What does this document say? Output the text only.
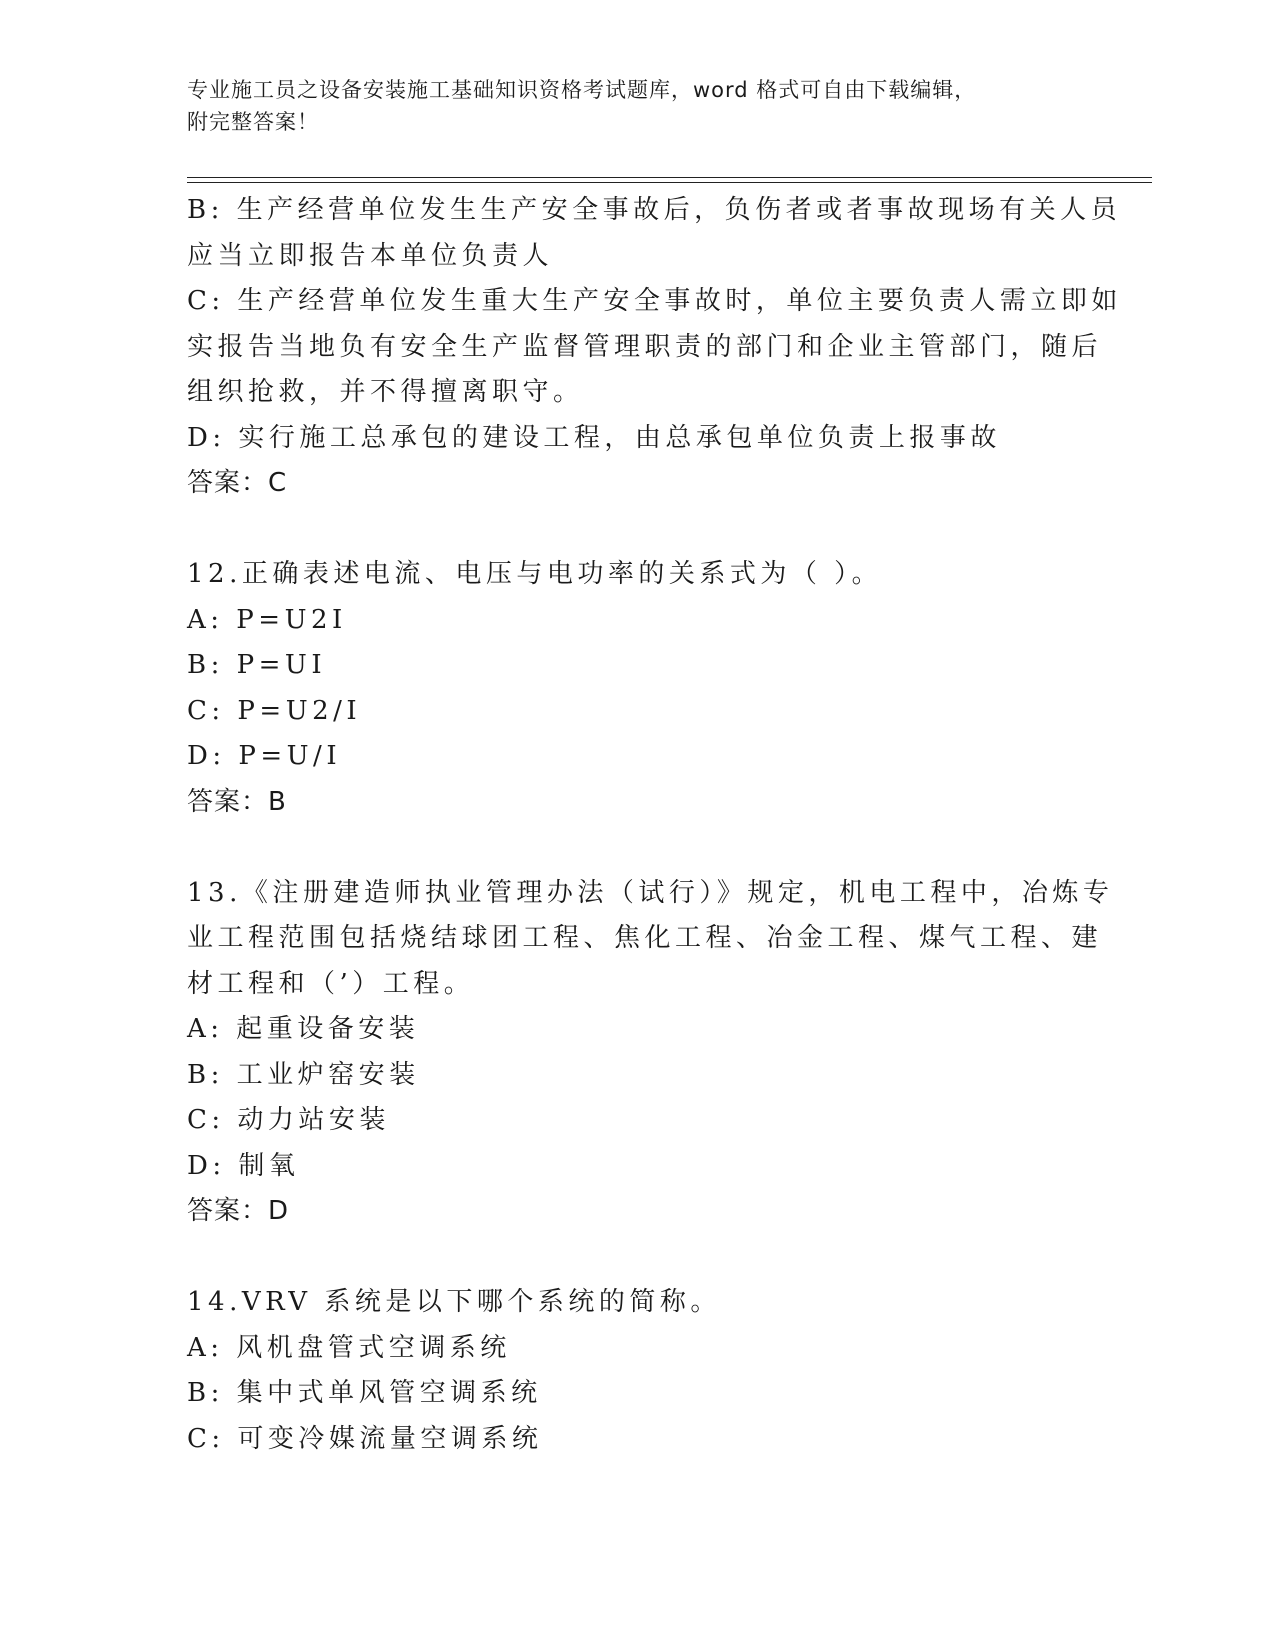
专业施工员之设备安装施工基础知识资格考试题库，word 格式可自由下载编辑，
附完整答案！
B: 生产经营单位发生生产安全事故后，负伤者或者事故现场有关人员
应当立即报告本单位负责人
C: 生产经营单位发生重大生产安全事故时，单位主要负责人需立即如
实报告当地负有安全生产监督管理职责的部门和企业主管部门，随后
组织抢救，并不得擅离职守。
D: 实行施工总承包的建设工程，由总承包单位负责上报事故
答案：C
12.正确表述电流、电压与电功率的关系式为（ ）。
A: P=U2I
B: P=UI
C: P=U2/I
D: P=U/I
答案：B
13.《注册建造师执业管理办法（试行）》规定，机电工程中，冶炼专
业工程范围包括烧结球团工程、焦化工程、冶金工程、煤气工程、建
材工程和（’）工程。
A: 起重设备安装
B: 工业炉窑安装
C: 动力站安装
D: 制氧
答案：D
14.VRV 系统是以下哪个系统的简称。
A: 风机盘管式空调系统
B: 集中式单风管空调系统
C: 可变冷媒流量空调系统
